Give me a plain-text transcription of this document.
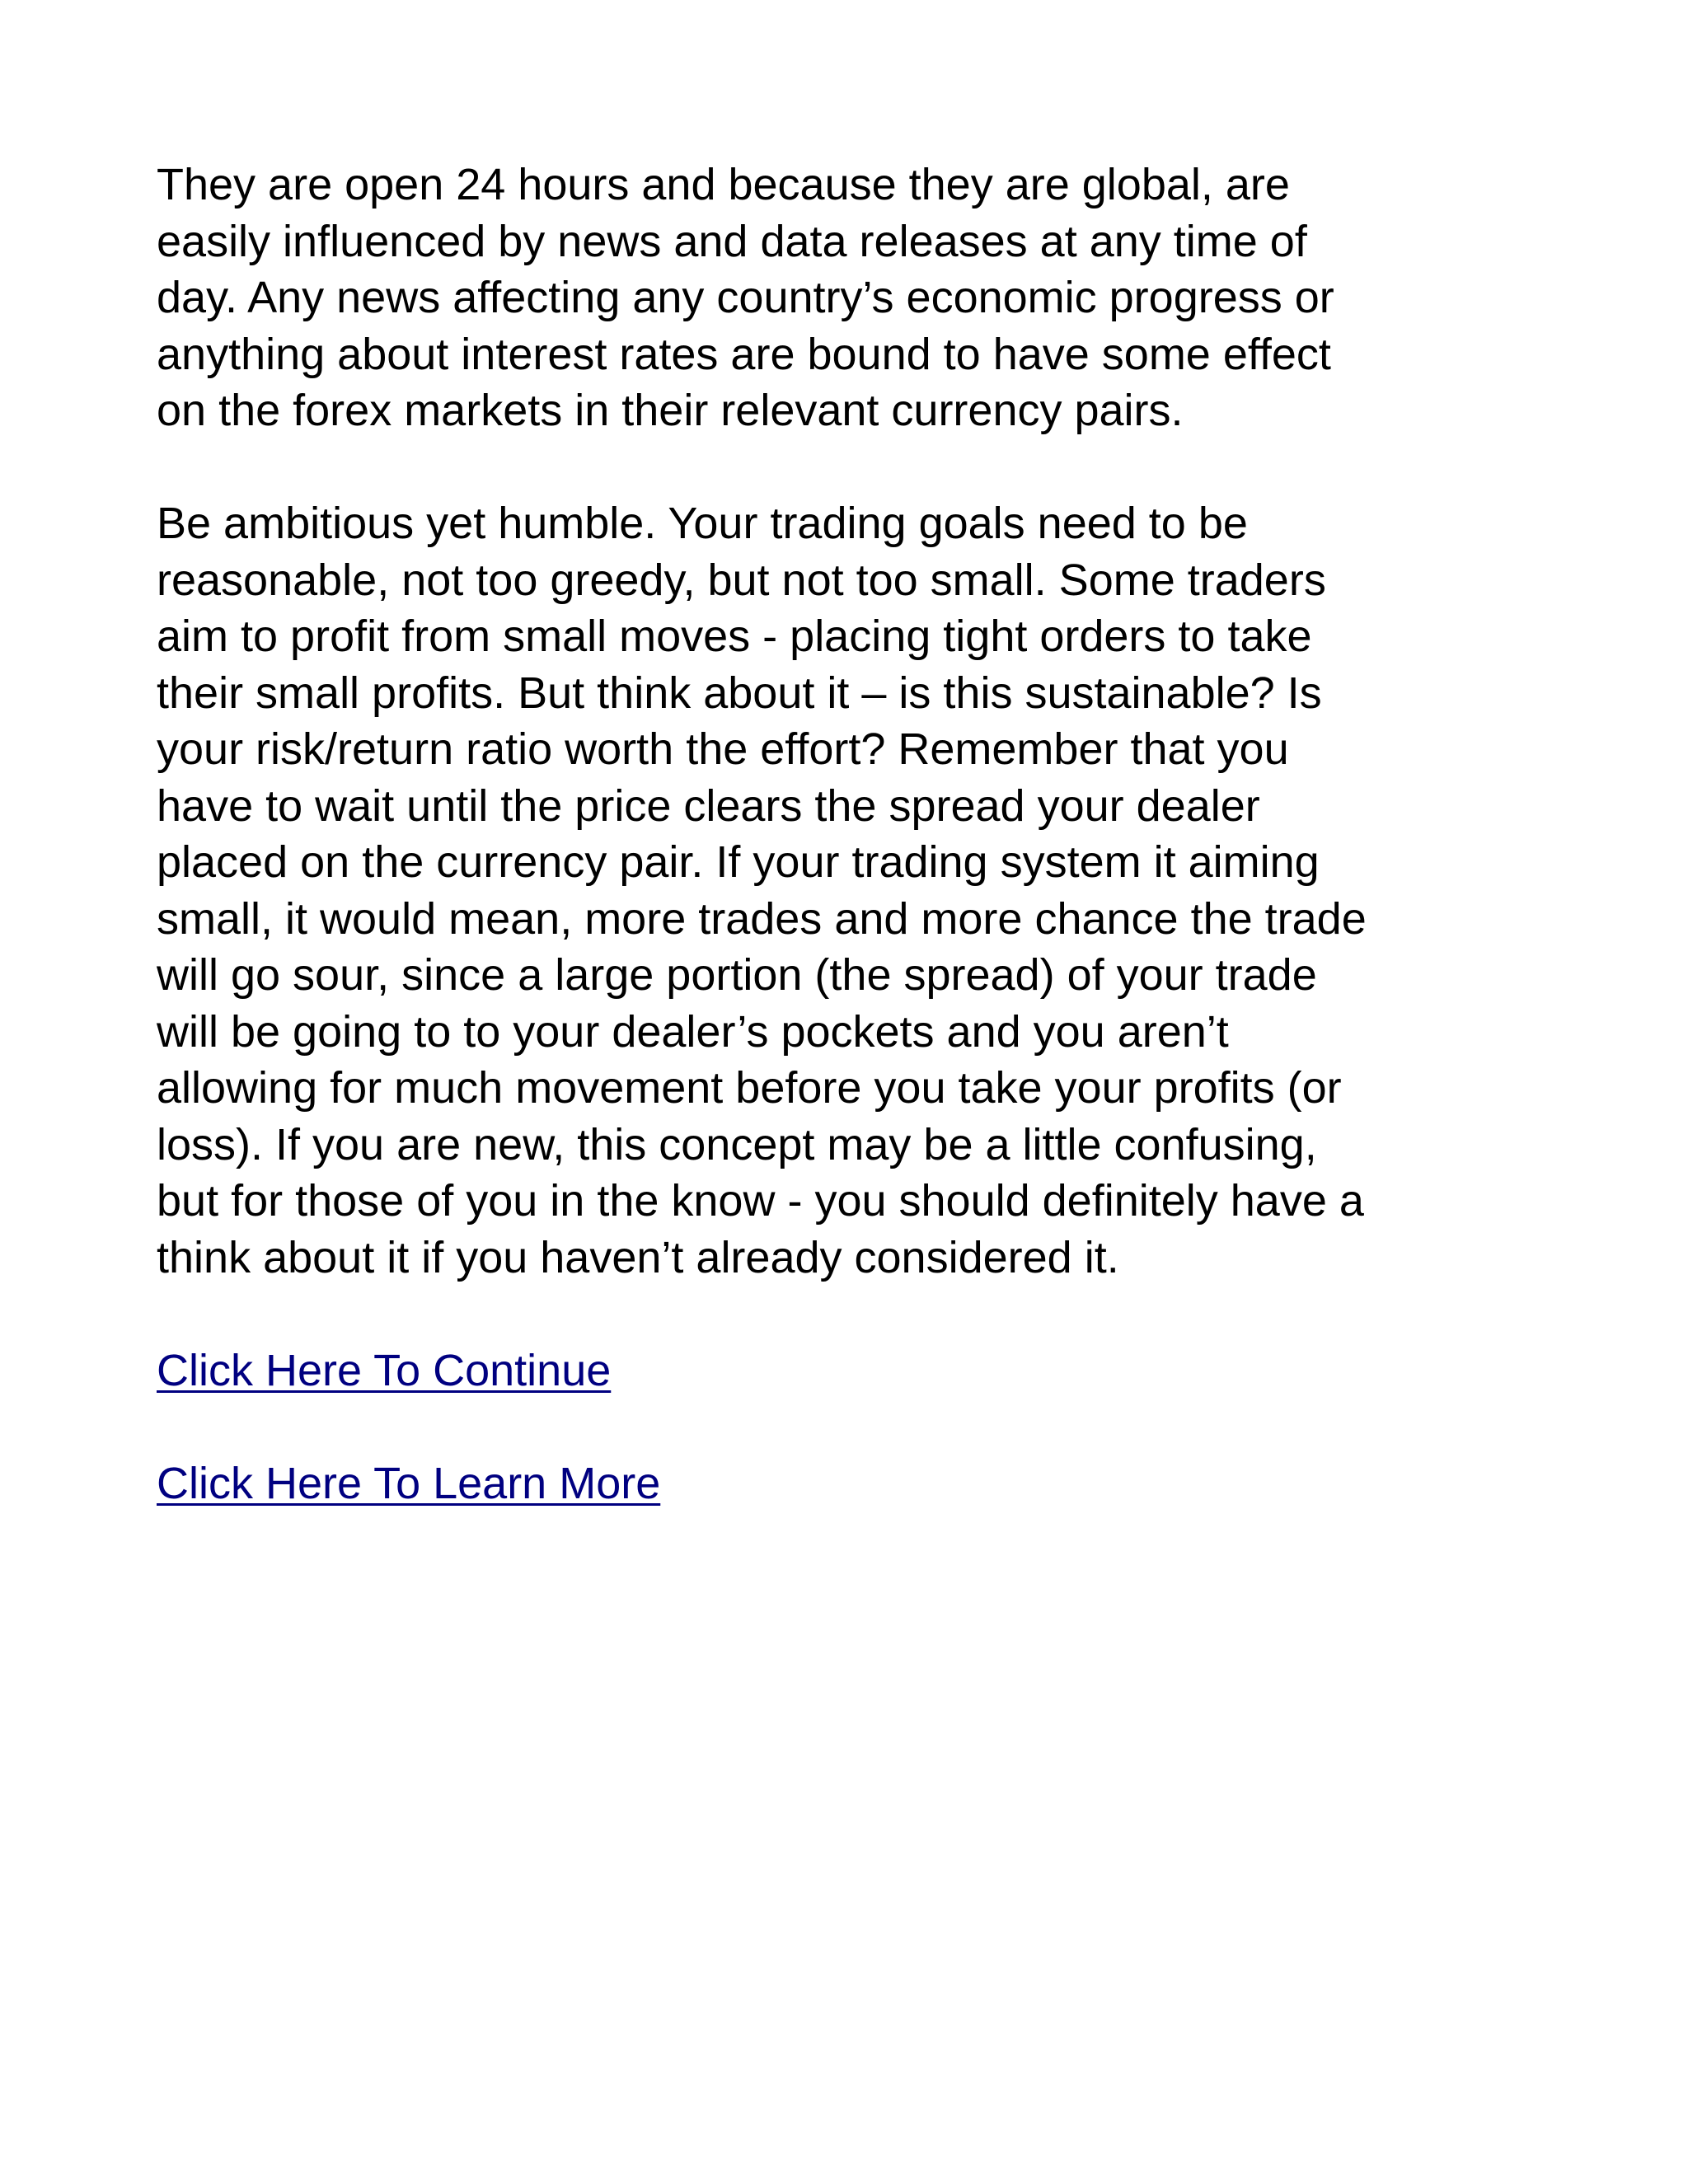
They are open 24 hours and because they are global, are
easily influenced by news and data releases at any time of
day. Any news affecting any country’s economic progress or
anything about interest rates are bound to have some effect
on the forex markets in their relevant currency pairs.

Be ambitious yet humble. Your trading goals need to be
reasonable, not too greedy, but not too small. Some traders
aim to profit from small moves - placing tight orders to take
their small profits. But think about it – is this sustainable? Is
your risk/return ratio worth the effort? Remember that you
have to wait until the price clears the spread your dealer
placed on the currency pair. If your trading system it aiming
small, it would mean, more trades and more chance the trade
will go sour, since a large portion (the spread) of your trade
will be going to to your dealer’s pockets and you aren’t
allowing for much movement before you take your profits (or
loss). If you are new, this concept may be a little confusing,
but for those of you in the know - you should definitely have a
think about it if you haven’t already considered it.

Click Here To Continue
Click Here To Learn More
